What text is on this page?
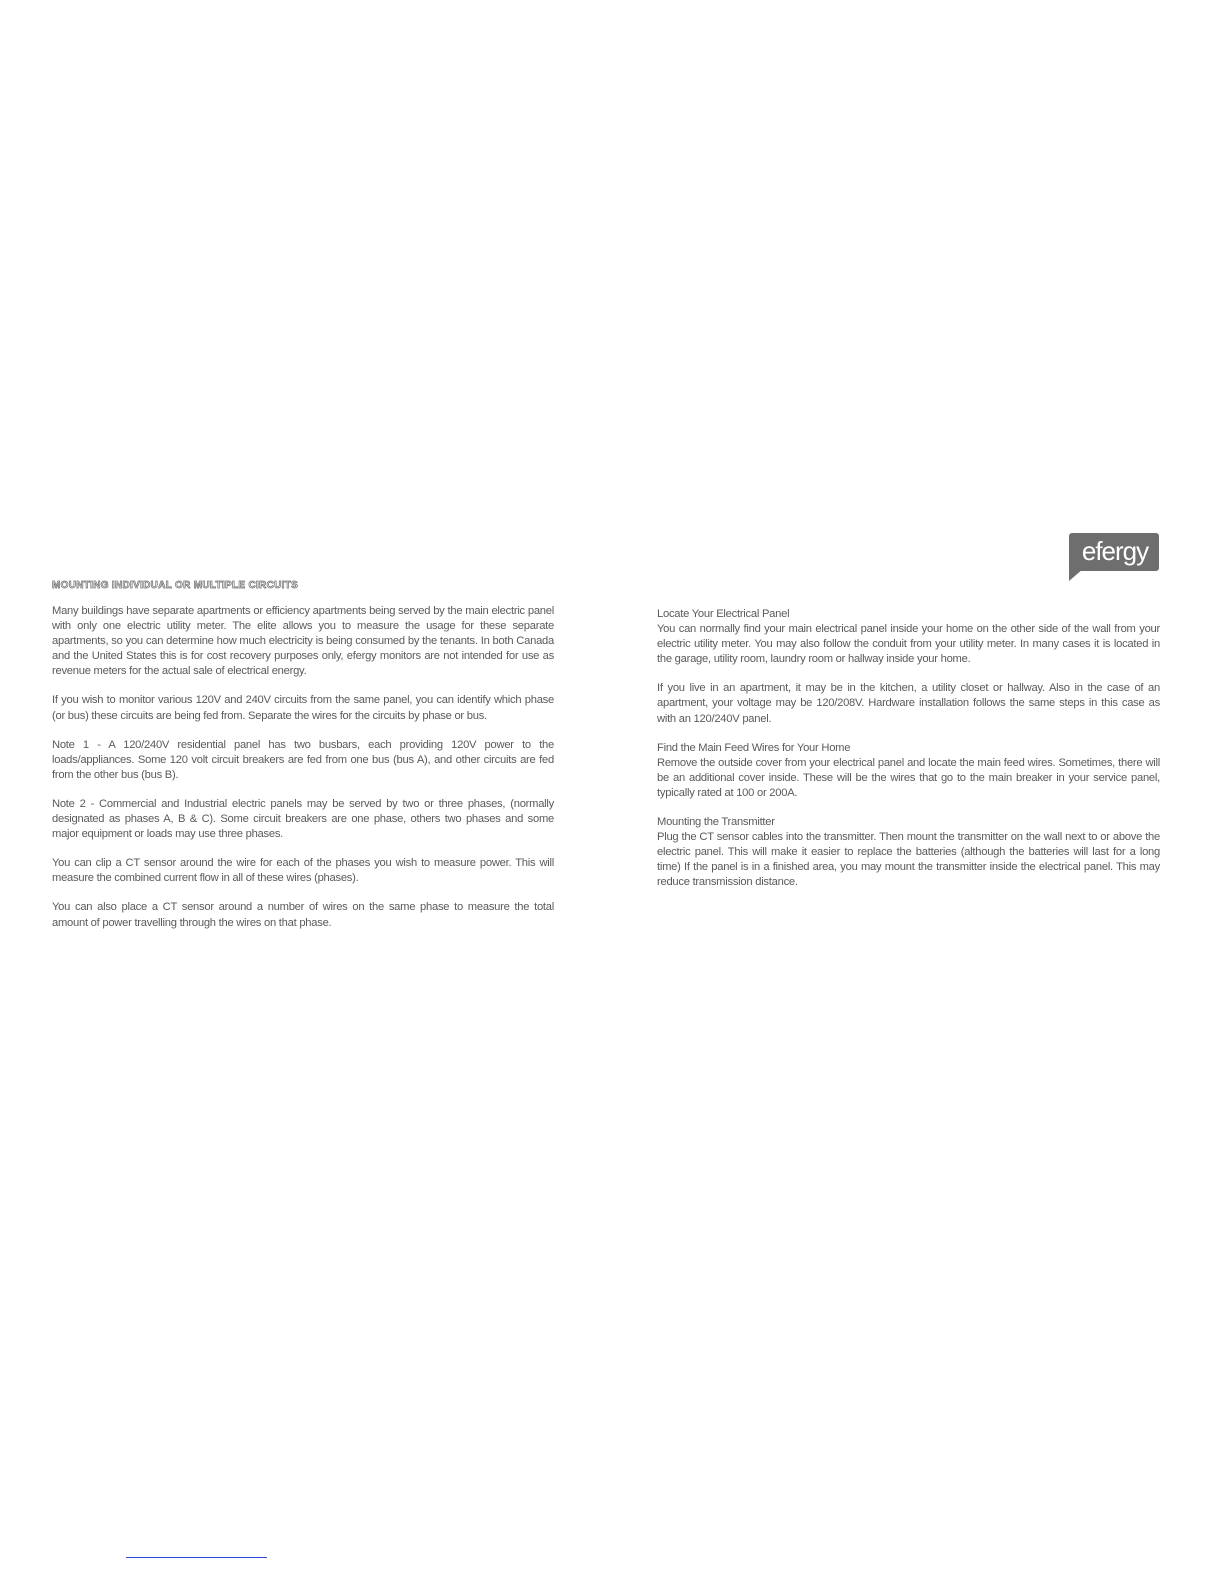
efergy
MOUNTING INDIVIDUAL OR MULTIPLE CIRCUITS

Many buildings have separate apartments or efficiency apartments being served by the main electric panel with only one electric utility meter. The elite allows you to measure the usage for these separate apartments, so you can determine how much electricity is being consumed by the tenants. In both Canada and the United States this is for cost recovery purposes only, efergy monitors are not intended for use as revenue meters for the actual sale of electrical energy.

If you wish to monitor various 120V and 240V circuits from the same panel, you can identify which phase (or bus) these circuits are being fed from. Separate the wires for the circuits by phase or bus.

Note 1 - A 120/240V residential panel has two busbars, each providing 120V power to the loads/appliances. Some 120 volt circuit breakers are fed from one bus (bus A), and other circuits are fed from the other bus (bus B).

Note 2 - Commercial and Industrial electric panels may be served by two or three phases, (normally designated as phases A, B & C). Some circuit breakers are one phase, others two phases and some major equipment or loads may use three phases.

You can clip a CT sensor around the wire for each of the phases you wish to measure power. This will measure the combined current flow in all of these wires (phases).

You can also place a CT sensor around a number of wires on the same phase to measure the total amount of power travelling through the wires on that phase.

Locate Your Electrical Panel

You can normally find your main electrical panel inside your home on the other side of the wall from your electric utility meter. You may also follow the conduit from your utility meter. In many cases it is located in the garage, utility room, laundry room or hallway inside your home.

If you live in an apartment, it may be in the kitchen, a utility closet or hallway. Also in the case of an apartment, your voltage may be 120/208V. Hardware installation follows the same steps in this case as with an 120/240V panel.

Find the Main Feed Wires for Your Home

Remove the outside cover from your electrical panel and locate the main feed wires. Sometimes, there will be an additional cover inside. These will be the wires that go to the main breaker in your service panel, typically rated at 100 or 200A.

Mounting the Transmitter

Plug the CT sensor cables into the transmitter. Then mount the transmitter on the wall next to or above the electric panel. This will make it easier to replace the batteries (although the batteries will last for a long time) If the panel is in a finished area, you may mount the transmitter inside the electrical panel. This may reduce transmission distance.
